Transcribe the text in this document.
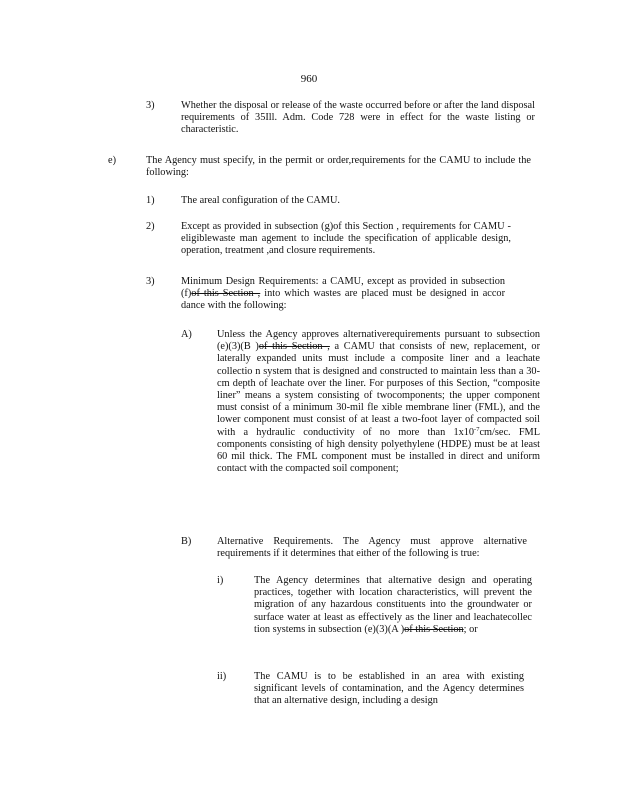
960
3)	Whether the disposal or release of the waste occurred before or after the land disposal requirements of 35Ill. Adm. Code 728 were in effect for the waste listing or characteristic.
e)	The Agency must specify, in the permit or order,requirements for the CAMU to include the following:
1)	The areal configuration of the CAMU.
2)	Except as provided in subsection (g)of this Section , requirements for CAMU -eligiblewaste man agement to include the specification of applicable design, operation, treatment ,and closure requirements.
3)	Minimum Design Requirements: a CAMU, except as provided in subsection (f)of this Section , into which wastes are placed must be designed in accor dance with the following:
A) Unless the Agency approves alternativerequirements pursuant to subsection (e)(3)(B )of this Section , a CAMU that consists of new, replacement, or laterally expanded units must include a composite liner and a leachate collectio n system that is designed and constructed to maintain less than a 30-cm depth of leachate over the liner. For purposes of this Section, “composite liner” means a system consisting of twocomponents; the upper component must consist of a minimum 30-mil fle xible membrane liner (FML), and the lower component must consist of at least a two-foot layer of compacted soil with a hydraulic conductivity of no more than $1x10^{-7}cm/\sec$. FML components consisting of high density polyethylene (HDPE) must be at least 60 mil thick. The FML component must be installed in direct and uniform contact with the compacted soil component;
B) Alternative Requirements. The Agency must approve alternative requirements if it determines that either of the following is true:
i)	The Agency determines that alternative design and operating practices, together with location characteristics, will prevent the migration of any hazardous constituents into the groundwater or surface water at least as effectively as the liner and leachatecollec tion systems in subsection (e)(3)(A )of this Section; or
ii)	The CAMU is to be established in an area with existing significant levels of contamination, and the Agency determines that an alternative design, including a design
